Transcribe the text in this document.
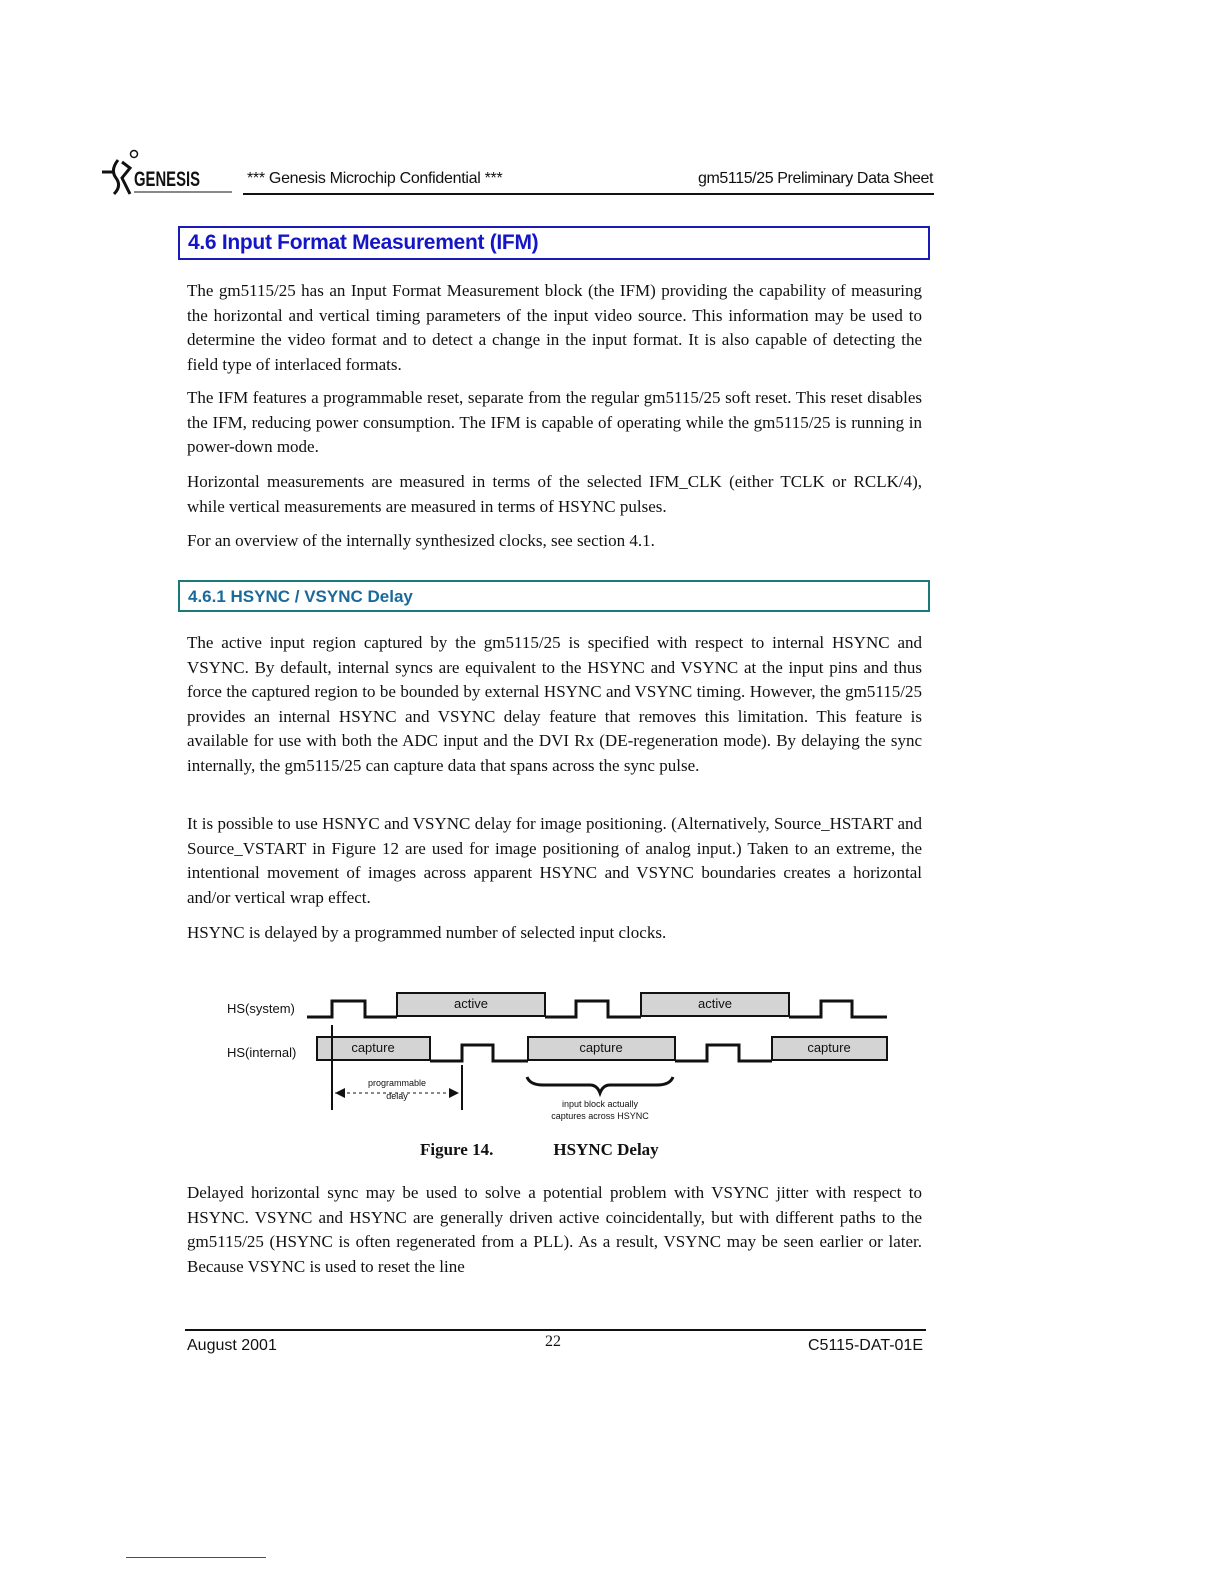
GENESIS	*** Genesis Microchip Confidential ***	gm5115/25 Preliminary Data Sheet
4.6 Input Format Measurement (IFM)

The gm5115/25 has an Input Format Measurement block (the IFM) providing the capability of measuring the horizontal and vertical timing parameters of the input video source. This information may be used to determine the video format and to detect a change in the input format. It is also capable of detecting the field type of interlaced formats.

The IFM features a programmable reset, separate from the regular gm5115/25 soft reset. This reset disables the IFM, reducing power consumption. The IFM is capable of operating while the gm5115/25 is running in power-down mode.

Horizontal measurements are measured in terms of the selected IFM_CLK (either TCLK or RCLK/4), while vertical measurements are measured in terms of HSYNC pulses.

For an overview of the internally synthesized clocks, see section 4.1.

4.6.1 HSYNC / VSYNC Delay

The active input region captured by the gm5115/25 is specified with respect to internal HSYNC and VSYNC. By default, internal syncs are equivalent to the HSYNC and VSYNC at the input pins and thus force the captured region to be bounded by external HSYNC and VSYNC timing. However, the gm5115/25 provides an internal HSYNC and VSYNC delay feature that removes this limitation. This feature is available for use with both the ADC input and the DVI Rx (DE-regeneration mode). By delaying the sync internally, the gm5115/25 can capture data that spans across the sync pulse.

It is possible to use HSNYC and VSYNC delay for image positioning. (Alternatively, Source_HSTART and Source_VSTART in Figure 12 are used for image positioning of analog input.) Taken to an extreme, the intentional movement of images across apparent HSYNC and VSYNC boundaries creates a horizontal and/or vertical wrap effect.

HSYNC is delayed by a programmed number of selected input clocks.

HS(system)
HS(internal)
active	active
capture	capture	capture
programmable
delay
input block actually
captures across HSYNC
Figure 14.	HSYNC Delay

Delayed horizontal sync may be used to solve a potential problem with VSYNC jitter with respect to HSYNC. VSYNC and HSYNC are generally driven active coincidentally, but with different paths to the gm5115/25 (HSYNC is often regenerated from a PLL). As a result, VSYNC may be seen earlier or later. Because VSYNC is used to reset the line

August 2001	22	C5115-DAT-01E
